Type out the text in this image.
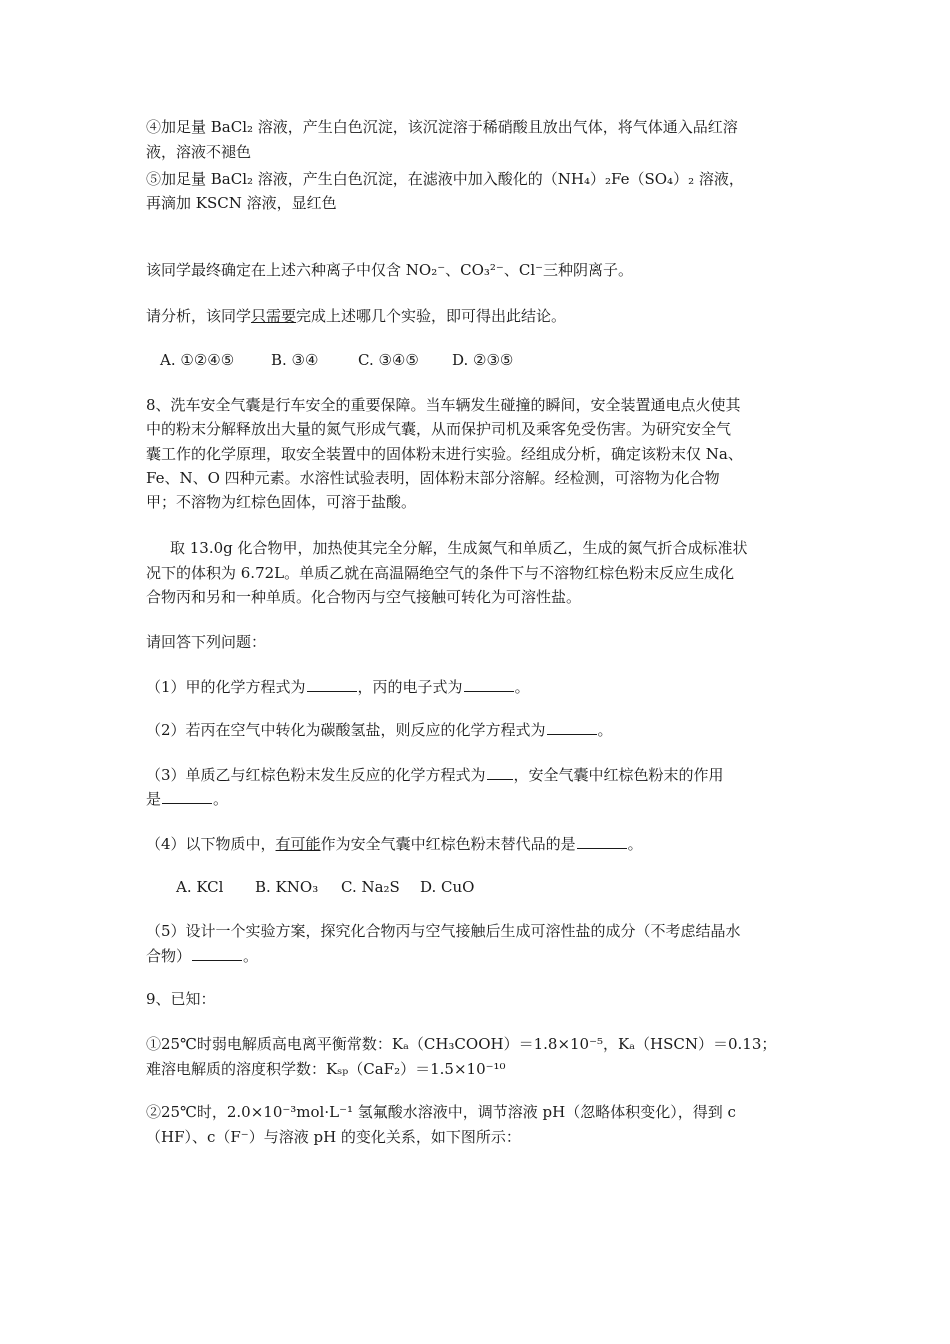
④加足量 BaCl₂ 溶液，产生白色沉淀，该沉淀溶于稀硝酸且放出气体，将气体通入品红溶
液，溶液不褪色
⑤加足量 BaCl₂ 溶液，产生白色沉淀，在滤液中加入酸化的（NH₄）₂Fe（SO₄）₂ 溶液，
再滴加 KSCN 溶液，显红色
该同学最终确定在上述六种离子中仅含 NO₂⁻、CO₃²⁻、Cl⁻三种阴离子。
请分析，该同学只需要完成上述哪几个实验，即可得出此结论。
A. ①②④⑤ B. ③④	C. ③④⑤ D. ②③⑤
8、洗车安全气囊是行车安全的重要保障。当车辆发生碰撞的瞬间，安全装置通电点火使其
中的粉末分解释放出大量的氮气形成气囊，从而保护司机及乘客免受伤害。为研究安全气
囊工作的化学原理，取安全装置中的固体粉末进行实验。经组成分析，确定该粉末仅 Na、
Fe、N、O 四种元素。水溶性试验表明，固体粉末部分溶解。经检测，可溶物为化合物
甲；不溶物为红棕色固体，可溶于盐酸。
取 13.0g 化合物甲，加热使其完全分解，生成氮气和单质乙，生成的氮气折合成标准状
况下的体积为 6.72L。单质乙就在高温隔绝空气的条件下与不溶物红棕色粉末反应生成化
合物丙和另和一种单质。化合物丙与空气接触可转化为可溶性盐。
请回答下列问题：
（1）甲的化学方程式为	，丙的电子式为	。
（2）若丙在空气中转化为碳酸氢盐，则反应的化学方程式为	。
（3）单质乙与红棕色粉末发生反应的化学方程式为 ，安全气囊中红棕色粉末的作用
是	。
（4）以下物质中，有可能作为安全气囊中红棕色粉末替代品的是	。
A. KCl B. KNO₃ C. Na₂S D. CuO
（5）设计一个实验方案，探究化合物丙与空气接触后生成可溶性盐的成分（不考虑结晶水
合物）	。
9、已知：
①25℃时弱电解质高电离平衡常数：Kₐ（CH₃COOH）＝1.8×10⁻⁵，Kₐ（HSCN）＝0.13；
难溶电解质的溶度积学数：Kₛₚ（CaF₂）＝1.5×10⁻¹⁰
②25℃时，2.0×10⁻³mol·L⁻¹ 氢氟酸水溶液中，调节溶液 pH（忽略体积变化），得到 c
（HF）、c（F⁻）与溶液 pH 的变化关系，如下图所示：
